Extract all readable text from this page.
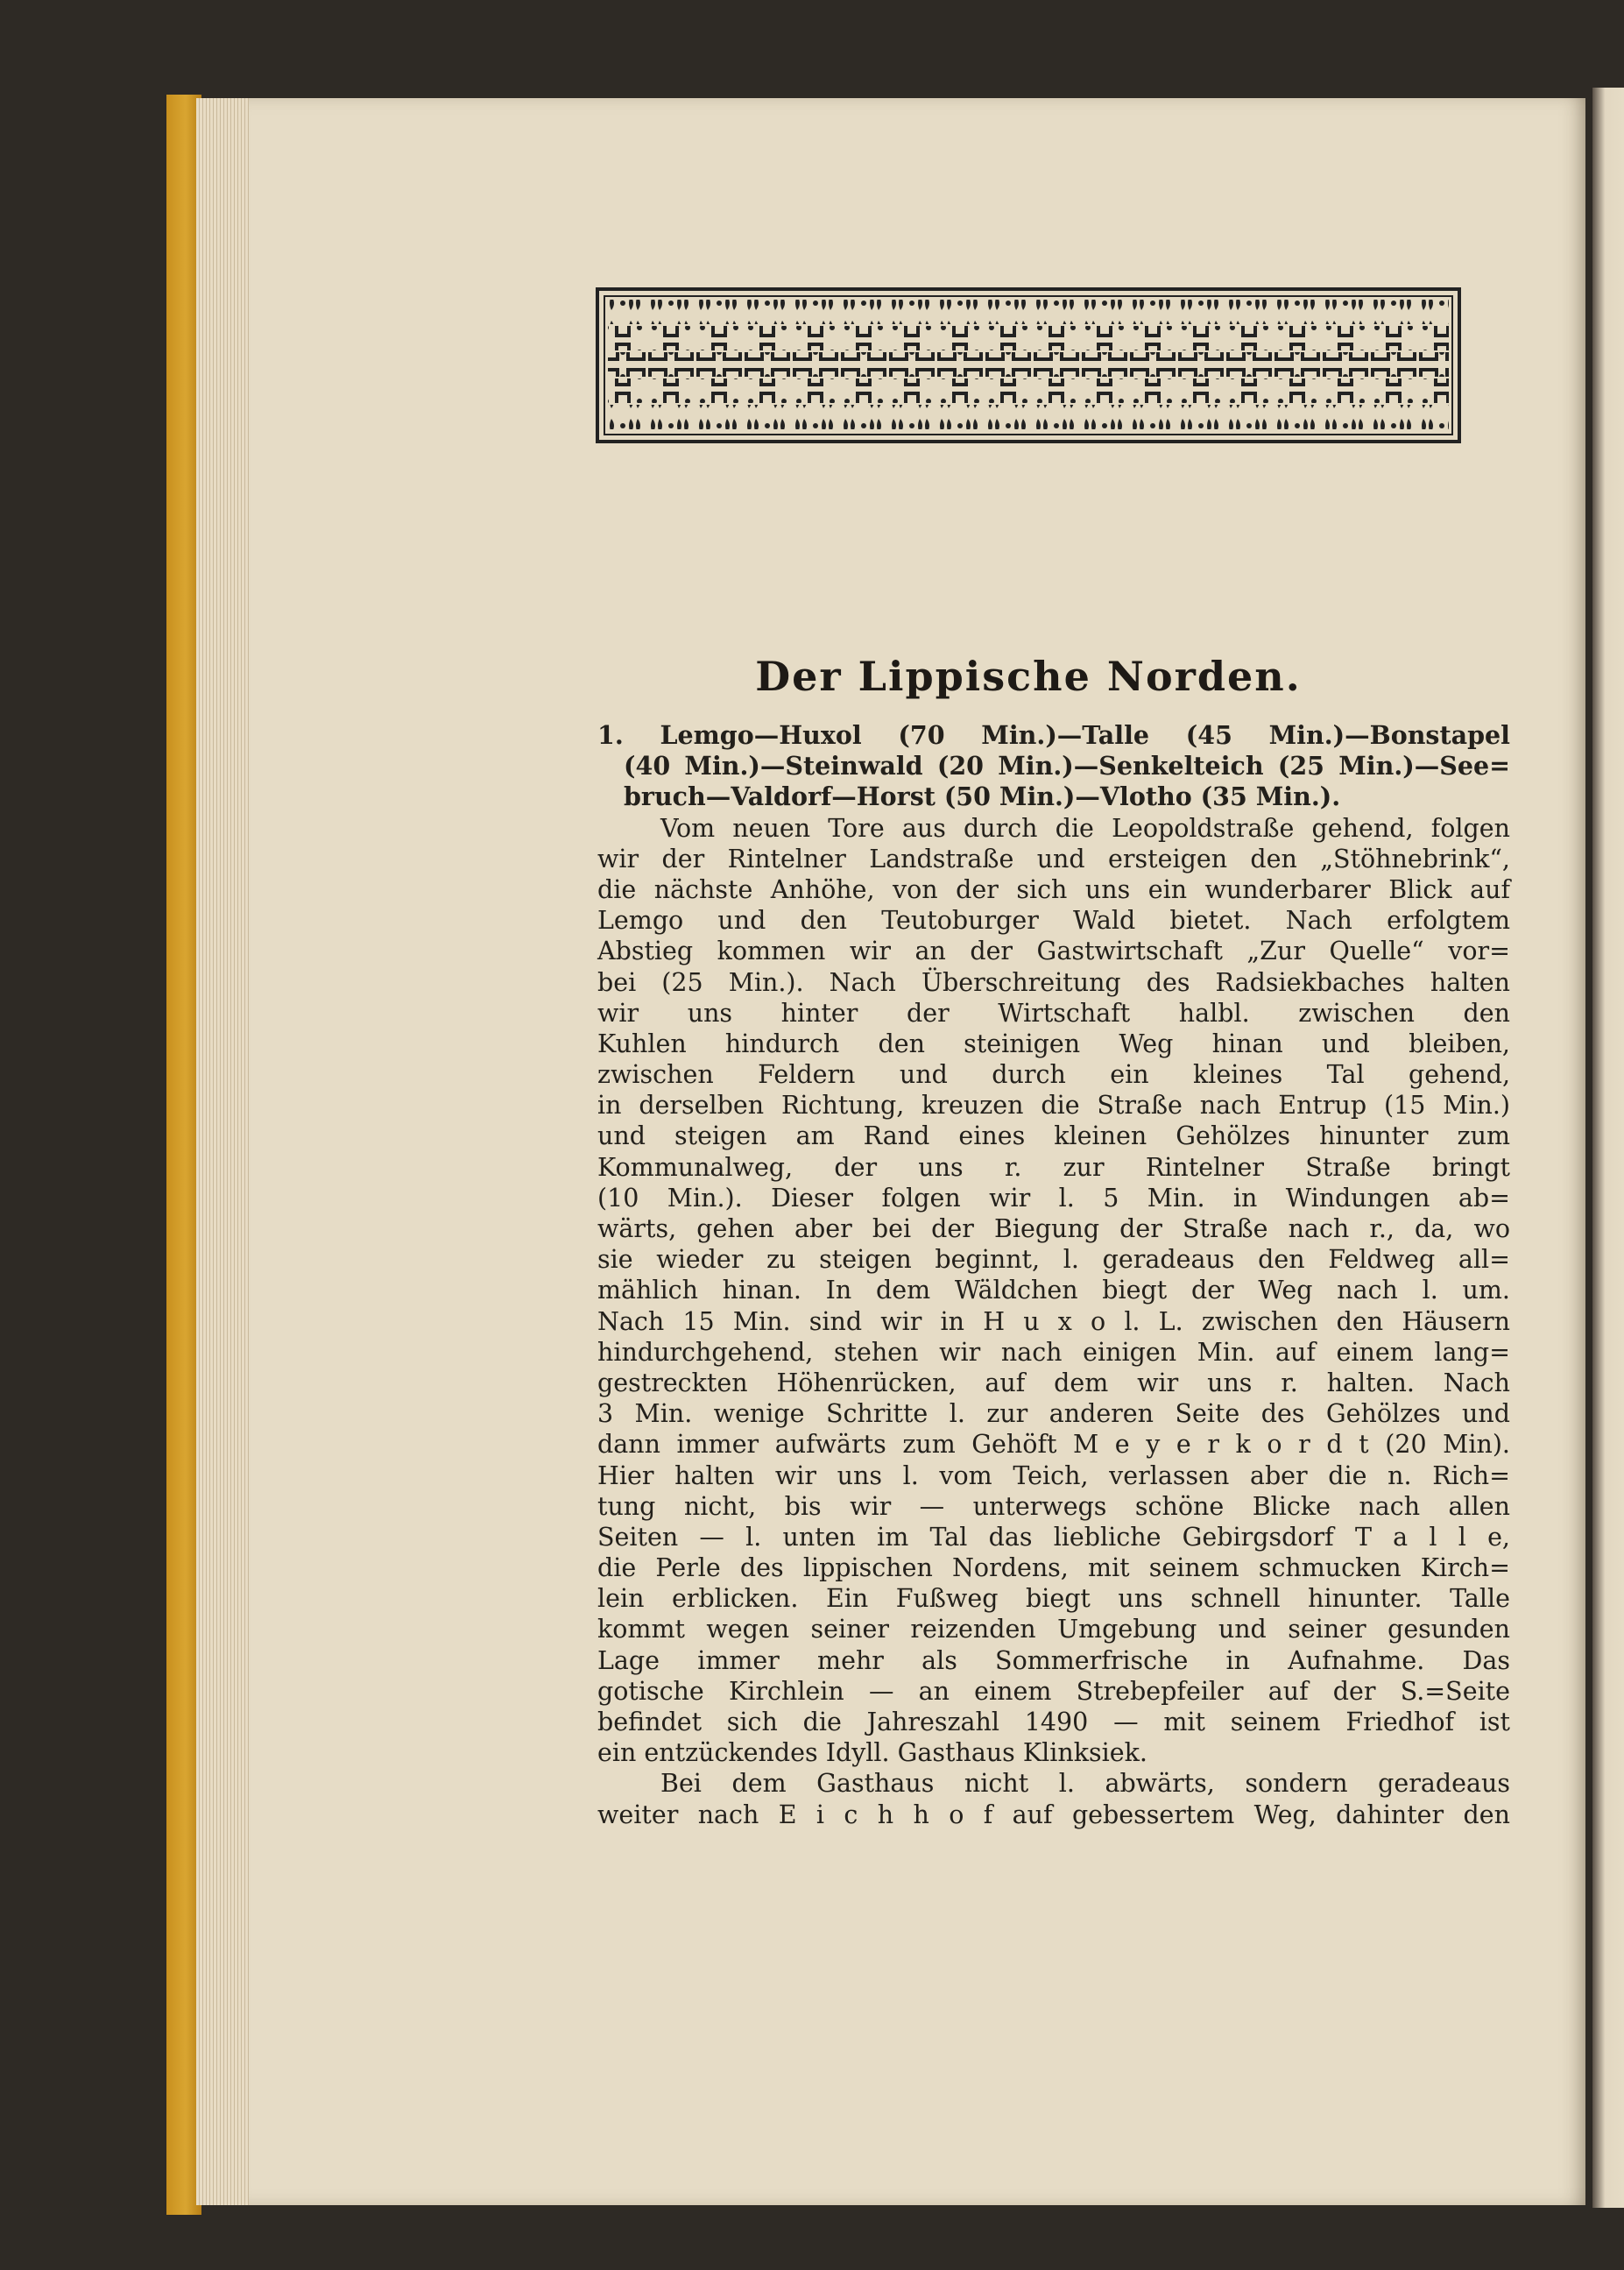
Der Lippische Norden.
1. Lemgo—Huxol (70 Min.)—Talle (45 Min.)—Bonstapel
(40 Min.)—Steinwald (20 Min.)—Senkelteich (25 Min.)—See=
bruch—Valdorf—Horst (50 Min.)—Vlotho (35 Min.).
Vom neuen Tore aus durch die Leopoldstraße gehend, folgen
wir der Rintelner Landstraße und ersteigen den „Stöhnebrink“,
die nächste Anhöhe, von der sich uns ein wunderbarer Blick auf
Lemgo und den Teutoburger Wald bietet. Nach erfolgtem
Abstieg kommen wir an der Gastwirtschaft „Zur Quelle“ vor=
bei (25 Min.). Nach Überschreitung des Radsiekbaches halten
wir uns hinter der Wirtschaft halbl. zwischen den
Kuhlen hindurch den steinigen Weg hinan und bleiben,
zwischen Feldern und durch ein kleines Tal gehend,
in derselben Richtung, kreuzen die Straße nach Entrup (15 Min.)
und steigen am Rand eines kleinen Gehölzes hinunter zum
Kommunalweg, der uns r. zur Rintelner Straße bringt
(10 Min.). Dieser folgen wir l. 5 Min. in Windungen ab=
wärts, gehen aber bei der Biegung der Straße nach r., da, wo
sie wieder zu steigen beginnt, l. geradeaus den Feldweg all=
mählich hinan. In dem Wäldchen biegt der Weg nach l. um.
Nach 15 Min. sind wir in H u x o l. L. zwischen den Häusern
hindurchgehend, stehen wir nach einigen Min. auf einem lang=
gestreckten Höhenrücken, auf dem wir uns r. halten. Nach
3 Min. wenige Schritte l. zur anderen Seite des Gehölzes und
dann immer aufwärts zum Gehöft M e y e r k o r d t (20 Min).
Hier halten wir uns l. vom Teich, verlassen aber die n. Rich=
tung nicht, bis wir — unterwegs schöne Blicke nach allen
Seiten — l. unten im Tal das liebliche Gebirgsdorf T a l l e,
die Perle des lippischen Nordens, mit seinem schmucken Kirch=
lein erblicken. Ein Fußweg biegt uns schnell hinunter. Talle
kommt wegen seiner reizenden Umgebung und seiner gesunden
Lage immer mehr als Sommerfrische in Aufnahme. Das
gotische Kirchlein — an einem Strebepfeiler auf der S.=Seite
befindet sich die Jahreszahl 1490 — mit seinem Friedhof ist
ein entzückendes Idyll. Gasthaus Klinksiek.
Bei dem Gasthaus nicht l. abwärts, sondern geradeaus
weiter nach E i c h h o f auf gebessertem Weg, dahinter den
